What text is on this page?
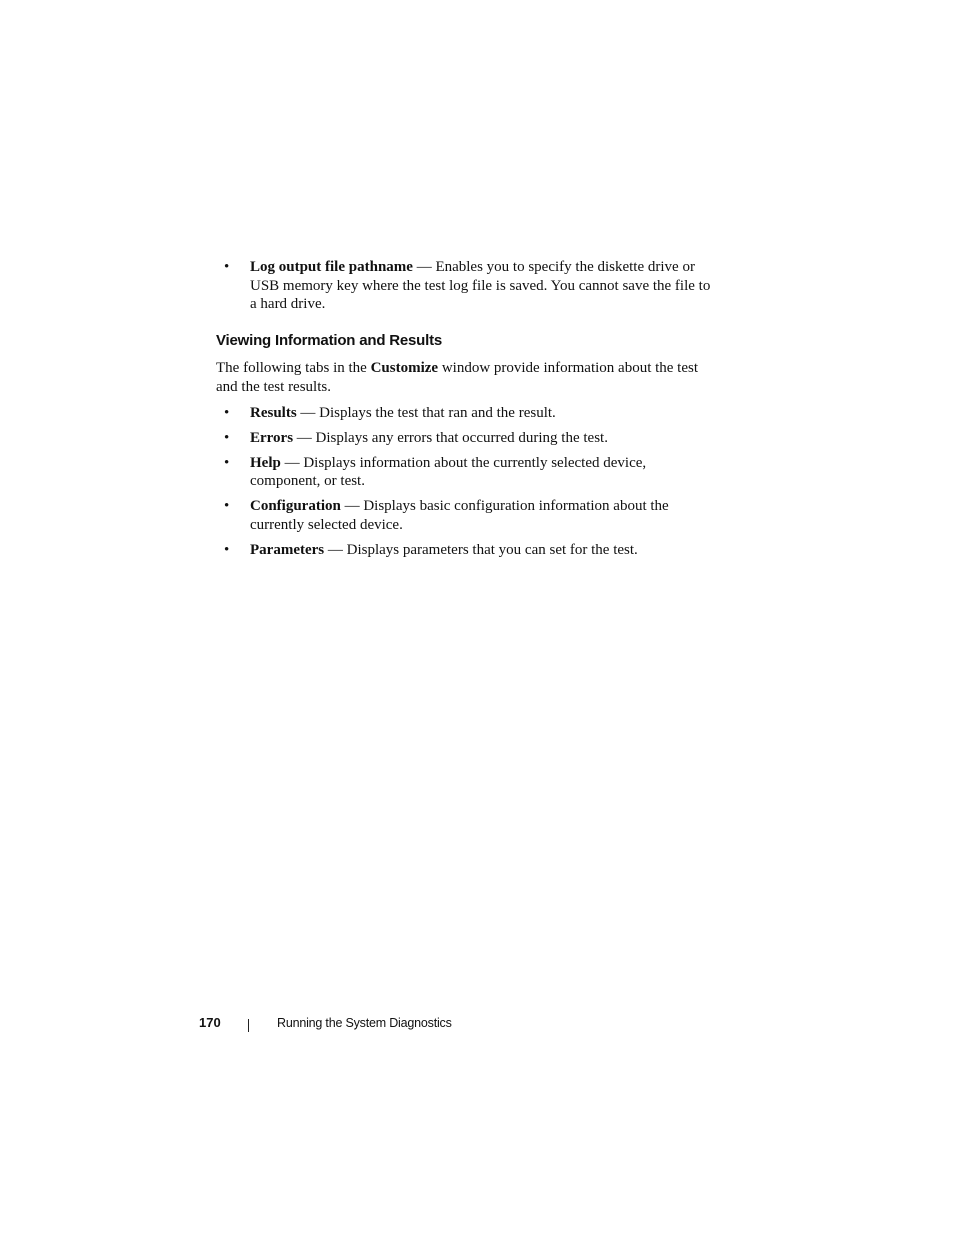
• Log output file pathname — Enables you to specify the diskette drive or USB memory key where the test log file is saved. You cannot save the file to a hard drive.
Viewing Information and Results

The following tabs in the Customize window provide information about the test and the test results.

• Results — Displays the test that ran and the result.
• Errors — Displays any errors that occurred during the test.
• Help — Displays information about the currently selected device, component, or test.
• Configuration — Displays basic configuration information about the currently selected device.
• Parameters — Displays parameters that you can set for the test.
170	Running the System Diagnostics
